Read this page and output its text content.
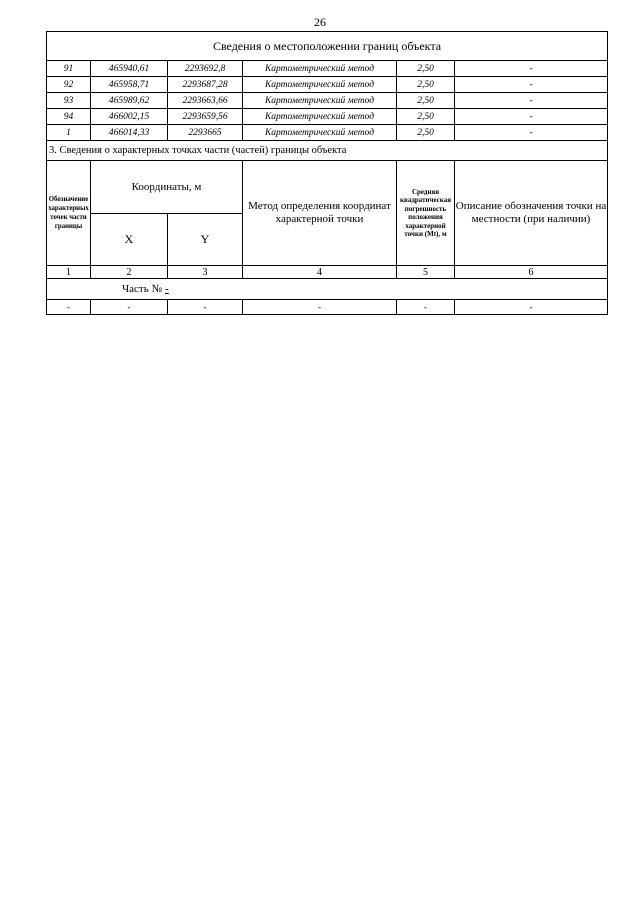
26
Сведения о местоположении границ объекта					
91	465940,61	2293692,8	Картометрический метод	2,50	-
92	465958,71	2293687,28	Картометрический метод	2,50	-
93	465989,62	2293663,66	Картометрический метод	2,50	-
94	466002,15	2293659,56	Картометрический метод	2,50	-
1	466014,33	2293665	Картометрический метод	2,50	-
3. Сведения о характерных точках части (частей) границы объекта					
Обозначение характерных точек части границы	Координаты, м		Метод определения координат характерной точки	Средняя квадратическая погрешность положения характерной точки (Mt), м	Описание обозначения точки на местности (при наличии)
	X	Y			
1	2	3	4	5	6
Часть № -					
-	-	-	-	-	-
